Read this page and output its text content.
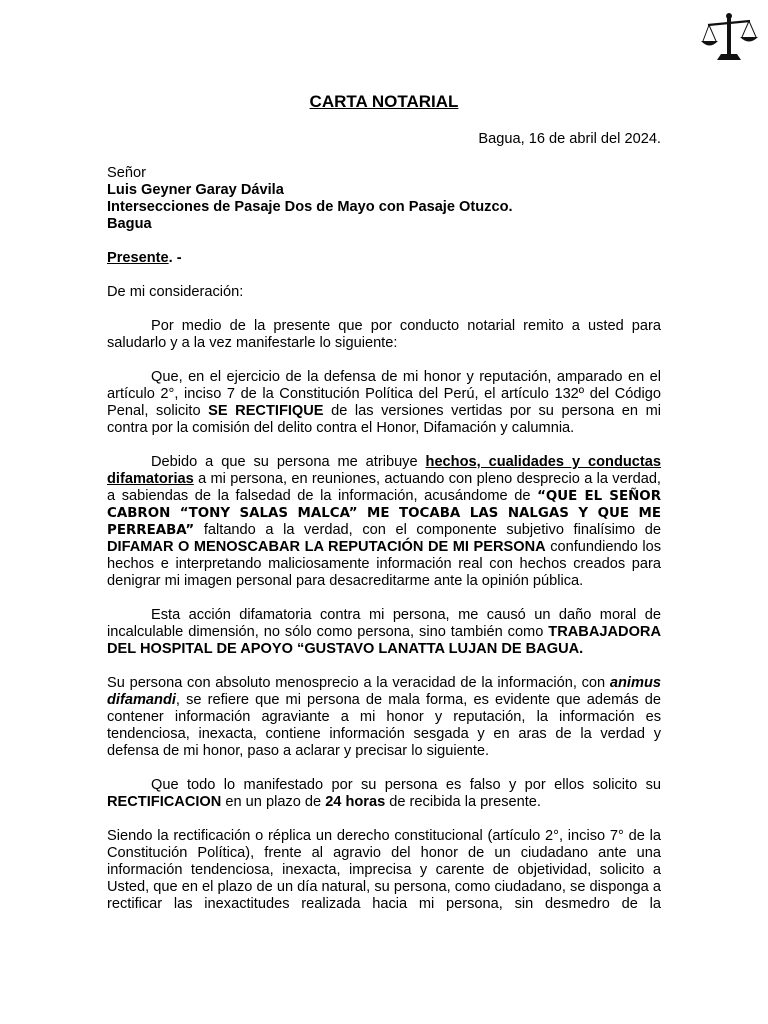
CARTA NOTARIAL

Bagua, 16 de abril del 2024.

Señor

Luis Geyner Garay Dávila

Intersecciones de Pasaje Dos de Mayo con Pasaje Otuzco.

Bagua

Presente. -

De mi consideración:

Por medio de la presente que por conducto notarial remito a usted para saludarlo y a la vez manifestarle lo siguiente:

Que, en el ejercicio de la defensa de mi honor y reputación, amparado en el artículo 2°, inciso 7 de la Constitución Política del Perú, el artículo 132º del Código Penal, solicito SE RECTIFIQUE de las versiones vertidas por su persona en mi contra por la comisión del delito contra el Honor, Difamación y calumnia.

Debido a que su persona me atribuye hechos, cualidades y conductas difamatorias a mi persona, en reuniones, actuando con pleno desprecio a la verdad, a sabiendas de la falsedad de la información, acusándome de “QUE EL SEÑOR CABRON “TONY SALAS MALCA” ME TOCABA LAS NALGAS Y QUE ME PERREABA” faltando a la verdad, con el componente subjetivo finalísimo de DIFAMAR O MENOSCABAR LA REPUTACIÓN DE MI PERSONA confundiendo los hechos e interpretando maliciosamente información real con hechos creados para denigrar mi imagen personal para desacreditarme ante la opinión pública.

Esta acción difamatoria contra mi persona, me causó un daño moral de incalculable dimensión, no sólo como persona, sino también como TRABAJADORA DEL HOSPITAL DE APOYO “GUSTAVO LANATTA LUJAN DE BAGUA.

Su persona con absoluto menosprecio a la veracidad de la información, con animus difamandi, se refiere que mi persona de mala forma, es evidente que además de contener información agraviante a mi honor y reputación, la información es tendenciosa, inexacta, contiene información sesgada y en aras de la verdad y defensa de mi honor, paso a aclarar y precisar lo siguiente.

Que todo lo manifestado por su persona es falso y por ellos solicito su RECTIFICACION en un plazo de 24 horas de recibida la presente.

Siendo la rectificación o réplica un derecho constitucional (artículo 2°, inciso 7° de la Constitución Política), frente al agravio del honor de un ciudadano ante una información tendenciosa, inexacta, imprecisa y carente de objetividad, solicito a Usted, que en el plazo de un día natural, su persona, como ciudadano, se disponga a rectificar las inexactitudes realizada hacia mi persona, sin desmedro de la
